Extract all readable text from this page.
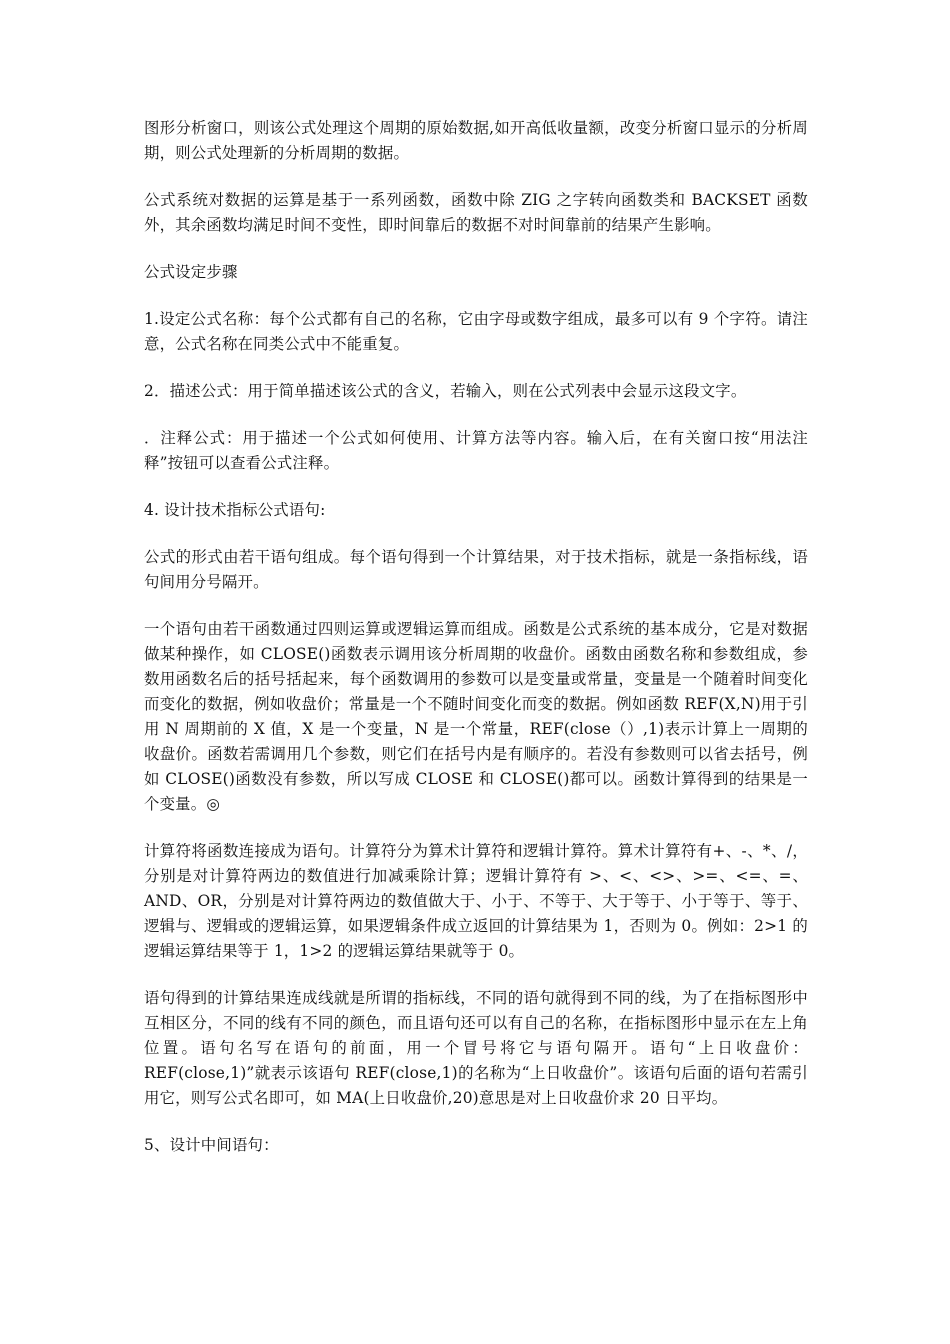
图形分析窗口，则该公式处理这个周期的原始数据,如开高低收量额，改变分析窗口显示的分析周期，则公式处理新的分析周期的数据。

公式系统对数据的运算是基于一系列函数，函数中除 ZIG 之字转向函数类和 BACKSET 函数外，其余函数均满足时间不变性，即时间靠后的数据不对时间靠前的结果产生影响。

公式设定步骤

1.设定公式名称：每个公式都有自己的名称，它由字母或数字组成，最多可以有 9 个字符。请注意，公式名称在同类公式中不能重复。

2．描述公式：用于简单描述该公式的含义，若输入，则在公式列表中会显示这段文字。

．注释公式：用于描述一个公式如何使用、计算方法等内容。输入后，在有关窗口按“用法注释”按钮可以查看公式注释。

4. 设计技术指标公式语句:

公式的形式由若干语句组成。每个语句得到一个计算结果，对于技术指标，就是一条指标线，语句间用分号隔开。

一个语句由若干函数通过四则运算或逻辑运算而组成。函数是公式系统的基本成分，它是对数据做某种操作，如 CLOSE()函数表示调用该分析周期的收盘价。函数由函数名称和参数组成，参数用函数名后的括号括起来，每个函数调用的参数可以是变量或常量，变量是一个随着时间变化而变化的数据，例如收盘价；常量是一个不随时间变化而变的数据。例如函数 REF(X,N)用于引用 N 周期前的 X 值，X 是一个变量，N 是一个常量，REF(close（）,1)表示计算上一周期的收盘价。函数若需调用几个参数，则它们在括号内是有顺序的。若没有参数则可以省去括号，例如 CLOSE()函数没有参数，所以写成 CLOSE 和 CLOSE()都可以。函数计算得到的结果是一个变量。◎

计算符将函数连接成为语句。计算符分为算术计算符和逻辑计算符。算术计算符有+、-、*、/，分别是对计算符两边的数值进行加减乘除计算；逻辑计算符有 >、<、<>、>=、<=、=、AND、OR，分别是对计算符两边的数值做大于、小于、不等于、大于等于、小于等于、等于、逻辑与、逻辑或的逻辑运算，如果逻辑条件成立返回的计算结果为 1，否则为 0。例如：2>1 的逻辑运算结果等于 1，1>2 的逻辑运算结果就等于 0。

语句得到的计算结果连成线就是所谓的指标线，不同的语句就得到不同的线，为了在指标图形中互相区分，不同的线有不同的颜色，而且语句还可以有自己的名称，在指标图形中显示在左上角位置。语句名写在语句的前面，用一个冒号将它与语句隔开。语句“上日收盘价：REF(close,1)”就表示该语句 REF(close,1)的名称为“上日收盘价”。该语句后面的语句若需引用它，则写公式名即可，如 MA(上日收盘价,20)意思是对上日收盘价求 20 日平均。

5、设计中间语句：
